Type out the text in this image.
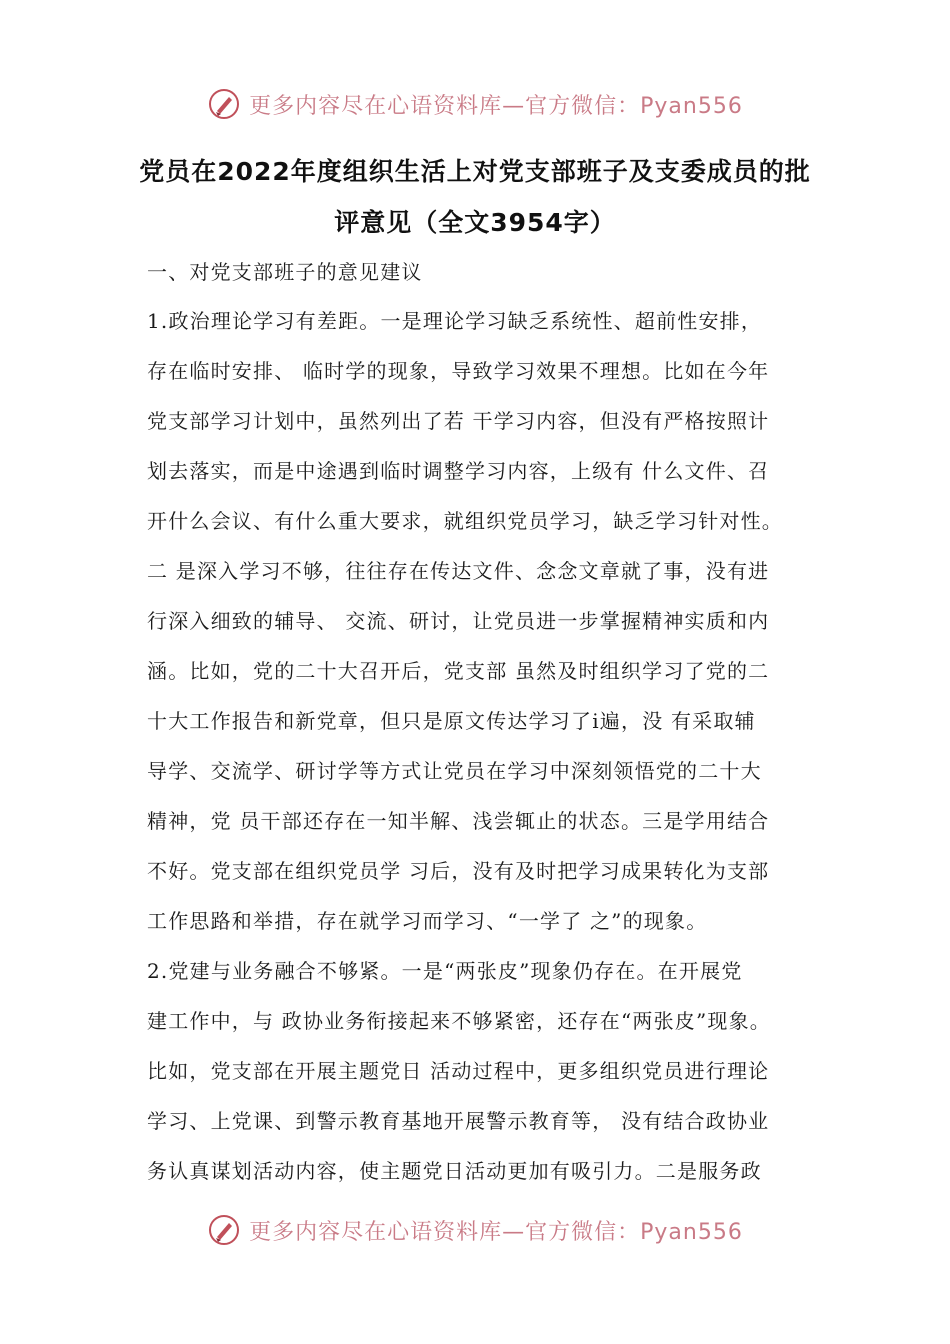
更多内容尽在心语资料库—官方微信：Pyan556
党员在2022年度组织生活上对党支部班子及支委成员的批
评意见（全文3954字）
一、对党支部班子的意见建议
1.政治理论学习有差距。一是理论学习缺乏系统性、超前性安排，
存在临时安排、 临时学的现象，导致学习效果不理想。比如在今年
党支部学习计划中，虽然列出了若 干学习内容，但没有严格按照计
划去落实，而是中途遇到临时调整学习内容，上级有 什么文件、召
开什么会议、有什么重大要求，就组织党员学习，缺乏学习针对性。
二 是深入学习不够，往往存在传达文件、念念文章就了事，没有进
行深入细致的辅导、 交流、研讨，让党员进一步掌握精神实质和内
涵。比如，党的二十大召开后，党支部 虽然及时组织学习了党的二
十大工作报告和新党章，但只是原文传达学习了i遍，没 有采取辅
导学、交流学、研讨学等方式让党员在学习中深刻领悟党的二十大
精神，党 员干部还存在一知半解、浅尝辄止的状态。三是学用结合
不好。党支部在组织党员学 习后，没有及时把学习成果转化为支部
工作思路和举措，存在就学习而学习、“一学了 之”的现象。
2.党建与业务融合不够紧。一是“两张皮”现象仍存在。在开展党
建工作中，与 政协业务衔接起来不够紧密，还存在“两张皮”现象。
比如，党支部在开展主题党日 活动过程中，更多组织党员进行理论
学习、上党课、到警示教育基地开展警示教育等， 没有结合政协业
务认真谋划活动内容，使主题党日活动更加有吸引力。二是服务政
更多内容尽在心语资料库—官方微信：Pyan556
